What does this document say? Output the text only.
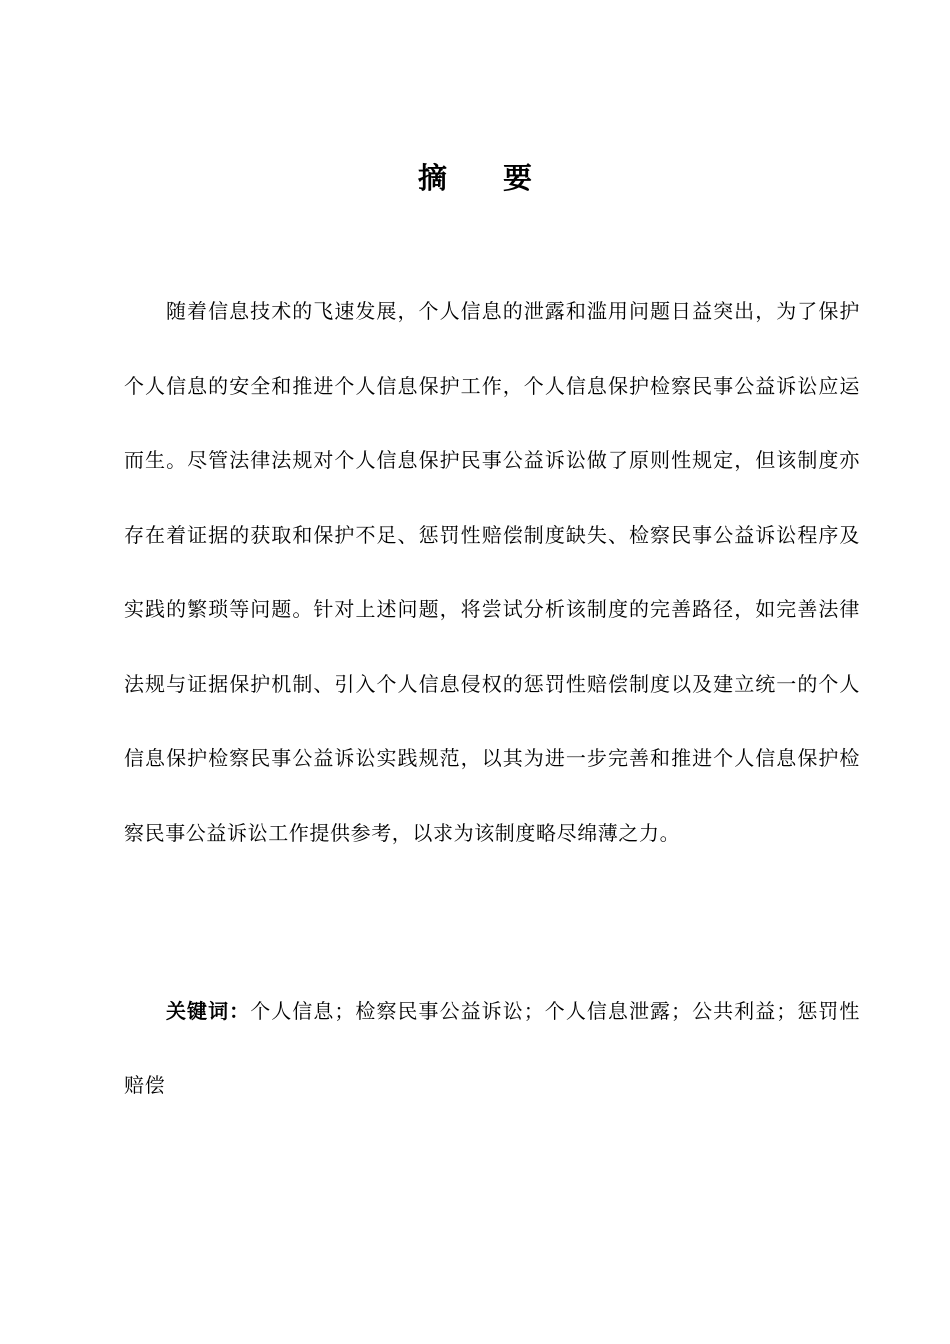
摘要

随着信息技术的飞速发展，个人信息的泄露和滥用问题日益突出，为了保护个人信息的安全和推进个人信息保护工作，个人信息保护检察民事公益诉讼应运而生。尽管法律法规对个人信息保护民事公益诉讼做了原则性规定，但该制度亦存在着证据的获取和保护不足、惩罚性赔偿制度缺失、检察民事公益诉讼程序及实践的繁琐等问题。针对上述问题，将尝试分析该制度的完善路径，如完善法律法规与证据保护机制、引入个人信息侵权的惩罚性赔偿制度以及建立统一的个人信息保护检察民事公益诉讼实践规范，以其为进一步完善和推进个人信息保护检察民事公益诉讼工作提供参考，以求为该制度略尽绵薄之力。

关键词：个人信息；检察民事公益诉讼；个人信息泄露；公共利益；惩罚性赔偿
